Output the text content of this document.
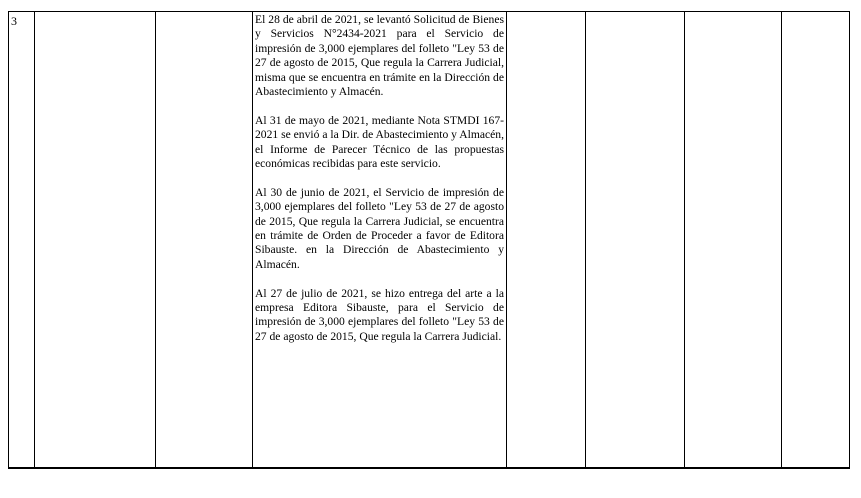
3			El 28 de abril de 2021, se levantó Solicitud de Bienes y Servicios N°2434-2021 para el Servicio de impresión de 3,000 ejemplares del folleto "Ley 53 de 27 de agosto de 2015, Que regula la Carrera Judicial, misma que se encuentra en trámite en la Dirección de Abastecimiento y Almacén.

Al 31 de mayo de 2021, mediante Nota STMDI 167-2021 se envió a la Dir. de Abastecimiento y Almacén, el Informe de Parecer Técnico de las propuestas económicas recibidas para este servicio.

Al 30 de junio de 2021, el Servicio de impresión de 3,000 ejemplares del folleto "Ley 53 de 27 de agosto de 2015, Que regula la Carrera Judicial, se encuentra en trámite de Orden de Proceder a favor de Editora Sibauste. en la Dirección de Abastecimiento y Almacén.

Al 27 de julio de 2021, se hizo entrega del arte a la empresa Editora Sibauste, para el Servicio de impresión de 3,000 ejemplares del folleto "Ley 53 de 27 de agosto de 2015, Que regula la Carrera Judicial.
